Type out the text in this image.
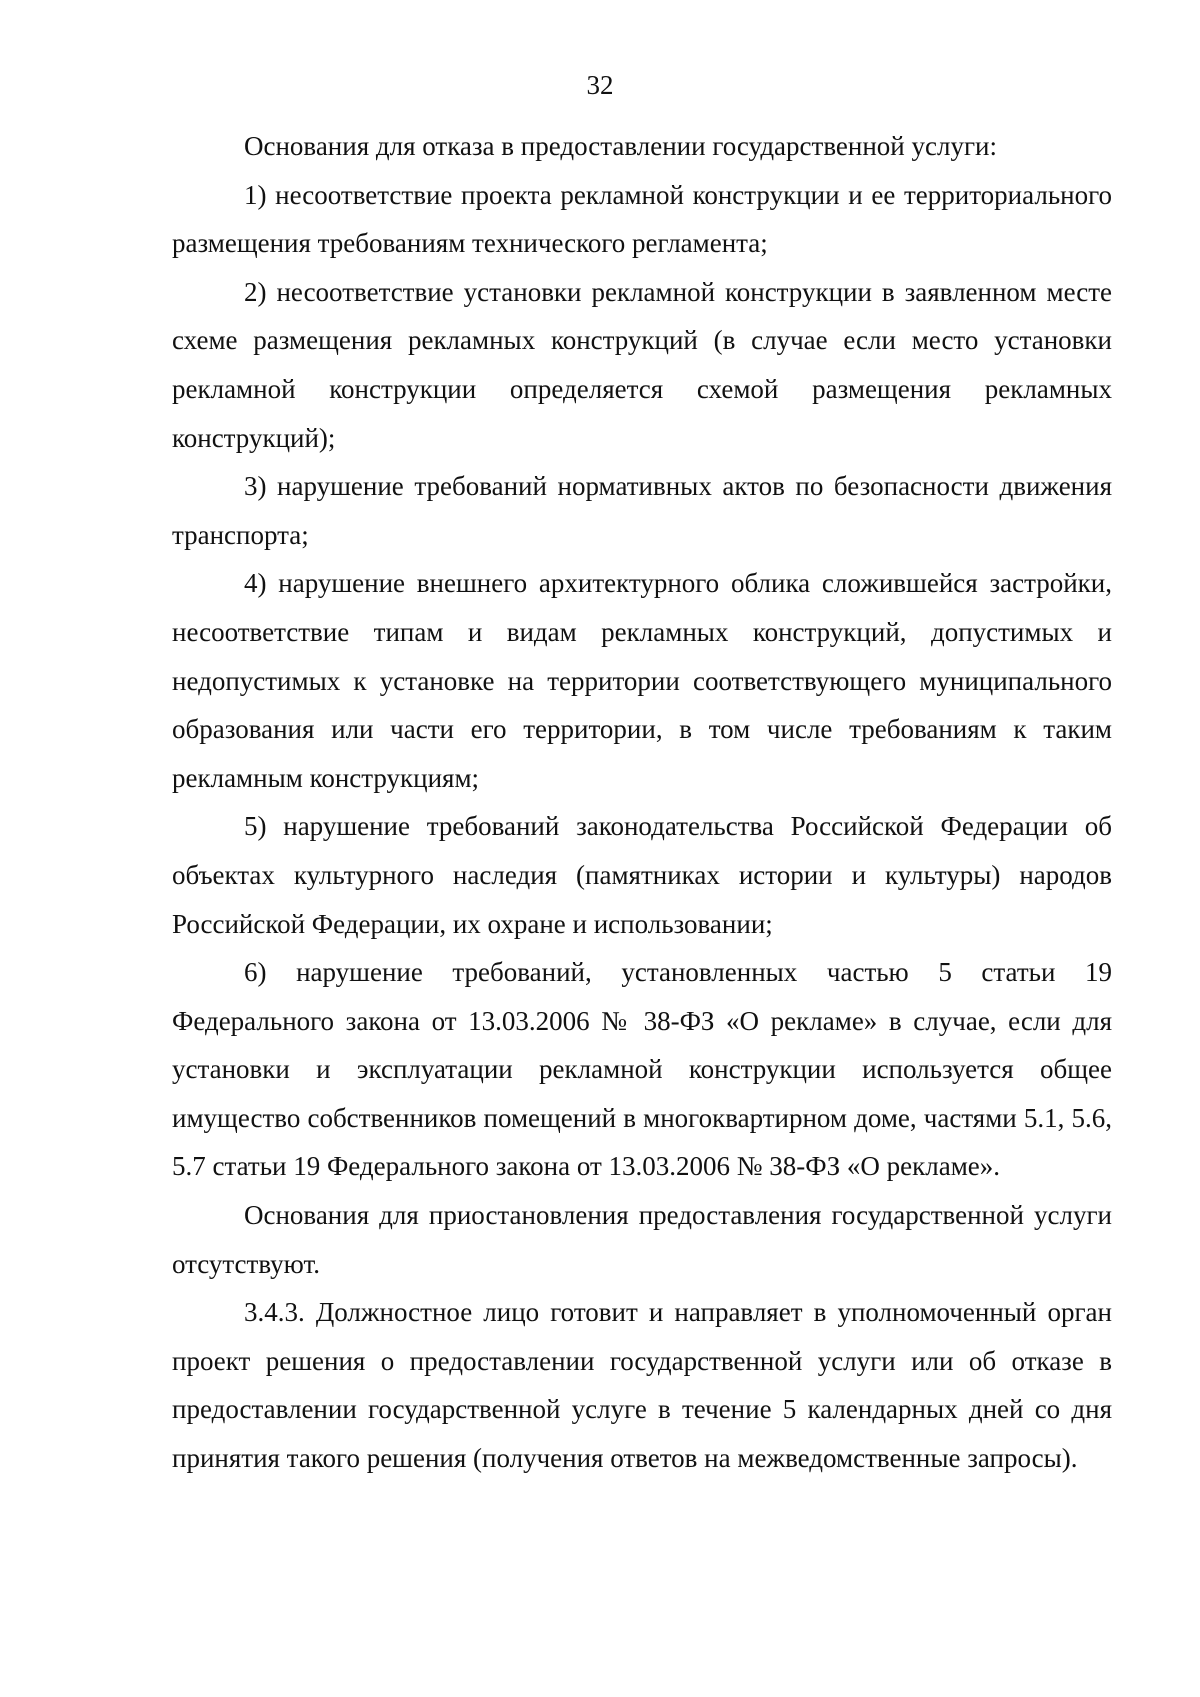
32

Основания для отказа в предоставлении государственной услуги:

1) несоответствие проекта рекламной конструкции и ее территориального размещения требованиям технического регламента;

2) несоответствие установки рекламной конструкции в заявленном месте схеме размещения рекламных конструкций (в случае если место установки рекламной конструкции определяется схемой размещения рекламных конструкций);

3) нарушение требований нормативных актов по безопасности движения транспорта;

4) нарушение внешнего архитектурного облика сложившейся застройки, несоответствие типам и видам рекламных конструкций, допустимых и недопустимых к установке на территории соответствующего муниципального образования или части его территории, в том числе требованиям к таким рекламным конструкциям;

5) нарушение требований законодательства Российской Федерации об объектах культурного наследия (памятниках истории и культуры) народов Российской Федерации, их охране и использовании;

6) нарушение требований, установленных частью 5 статьи 19 Федерального закона от 13.03.2006 № 38-ФЗ «О рекламе» в случае, если для установки и эксплуатации рекламной конструкции используется общее имущество собственников помещений в многоквартирном доме, частями 5.1, 5.6, 5.7 статьи 19 Федерального закона от 13.03.2006 № 38-ФЗ «О рекламе».

Основания для приостановления предоставления государственной услуги отсутствуют.

3.4.3. Должностное лицо готовит и направляет в уполномоченный орган проект решения о предоставлении государственной услуги или об отказе в предоставлении государственной услуге в течение 5 календарных дней со дня принятия такого решения (получения ответов на межведомственные запросы).
